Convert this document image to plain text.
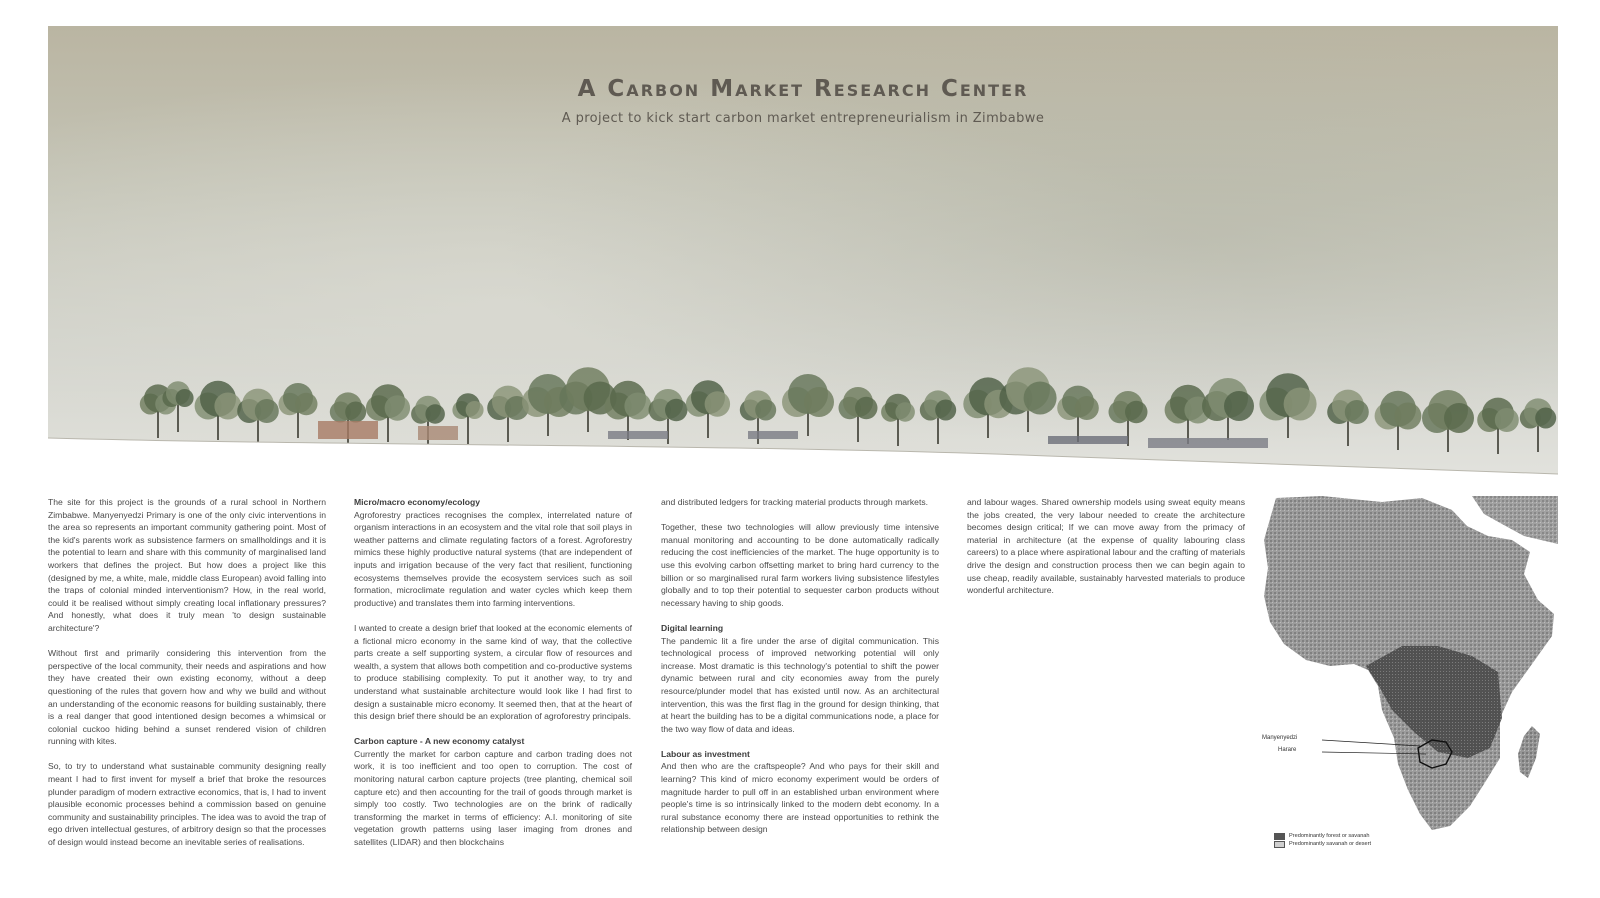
A Carbon Market Research Center
A project to kick start carbon market entrepreneurialism in Zimbabwe

The site for this project is the grounds of a rural school in Northern Zimbabwe. Manyenyedzi Primary is one of the only civic interventions in the area so represents an important community gathering point. Most of the kid's parents work as subsistence farmers on smallholdings and it is the potential to learn and share with this community of marginalised land workers that defines the project. But how does a project like this (designed by me, a white, male, middle class European) avoid falling into the traps of colonial minded interventionism? How, in the real world, could it be realised without simply creating local inflationary pressures? And honestly, what does it truly mean 'to design sustainable architecture'?

Without first and primarily considering this intervention from the perspective of the local community, their needs and aspirations and how they have created their own existing economy, without a deep questioning of the rules that govern how and why we build and without an understanding of the economic reasons for building sustainably, there is a real danger that good intentioned design becomes a whimsical or colonial cuckoo hiding behind a sunset rendered vision of children running with kites.

So, to try to understand what sustainable community designing really meant I had to first invent for myself a brief that broke the resources plunder paradigm of modern extractive economics, that is, I had to invent plausible economic processes behind a commission based on genuine community and sustainability principles. The idea was to avoid the trap of ego driven intellectual gestures, of arbitrory design so that the processes of design would instead become an inevitable series of realisations.

Micro/macro economy/ecology

Agroforestry practices recognises the complex, interrelated nature of organism interactions in an ecosystem and the vital role that soil plays in weather patterns and climate regulating factors of a forest. Agroforestry mimics these highly productive natural systems (that are independent of inputs and irrigation because of the very fact that resilient, functioning ecosystems themselves provide the ecosystem services such as soil formation, microclimate regulation and water cycles which keep them productive) and translates them into farming interventions.

I wanted to create a design brief that looked at the economic elements of a fictional micro economy in the same kind of way, that the collective parts create a self supporting system, a circular flow of resources and wealth, a system that allows both competition and co-productive systems to produce stabilising complexity. To put it another way, to try and understand what sustainable architecture would look like I had first to design a sustainable micro economy. It seemed then, that at the heart of this design brief there should be an exploration of agroforestry principals.

Carbon capture - A new economy catalyst

Currently the market for carbon capture and carbon trading does not work, it is too inefficient and too open to corruption. The cost of monitoring natural carbon capture projects (tree planting, chemical soil capture etc) and then accounting for the trail of goods through market is simply too costly. Two technologies are on the brink of radically transforming the market in terms of efficiency: A.I. monitoring of site vegetation growth patterns using laser imaging from drones and satellites (LIDAR) and then blockchains

and distributed ledgers for tracking material products through markets.

Together, these two technologies will allow previously time intensive manual monitoring and accounting to be done automatically radically reducing the cost inefficiencies of the market. The huge opportunity is to use this evolving carbon offsetting market to bring hard currency to the billion or so marginalised rural farm workers living subsistence lifestyles globally and to top their potential to sequester carbon products without necessary having to ship goods.

Digital learning

The pandemic lit a fire under the arse of digital communication. This technological process of improved networking potential will only increase. Most dramatic is this technology's potential to shift the power dynamic between rural and city economies away from the purely resource/plunder model that has existed until now. As an architectural intervention, this was the first flag in the ground for design thinking, that at heart the building has to be a digital communications node, a place for the two way flow of data and ideas.

Labour as investment

And then who are the craftspeople? And who pays for their skill and learning? This kind of micro economy experiment would be orders of magnitude harder to pull off in an established urban environment where people's time is so intrinsically linked to the modern debt economy. In a rural substance economy there are instead opportunities to rethink the relationship between design

and labour wages. Shared ownership models using sweat equity means the jobs created, the very labour needed to create the architecture becomes design critical; If we can move away from the primacy of material in architecture (at the expense of quality labouring class careers) to a place where aspirational labour and the crafting of materials drive the design and construction process then we can begin again to use cheap, readily available, sustainably harvested materials to produce wonderful architecture.

Manyenyedzi
Harare
Predominantly forest or savanah
Predominantly savanah or desert
